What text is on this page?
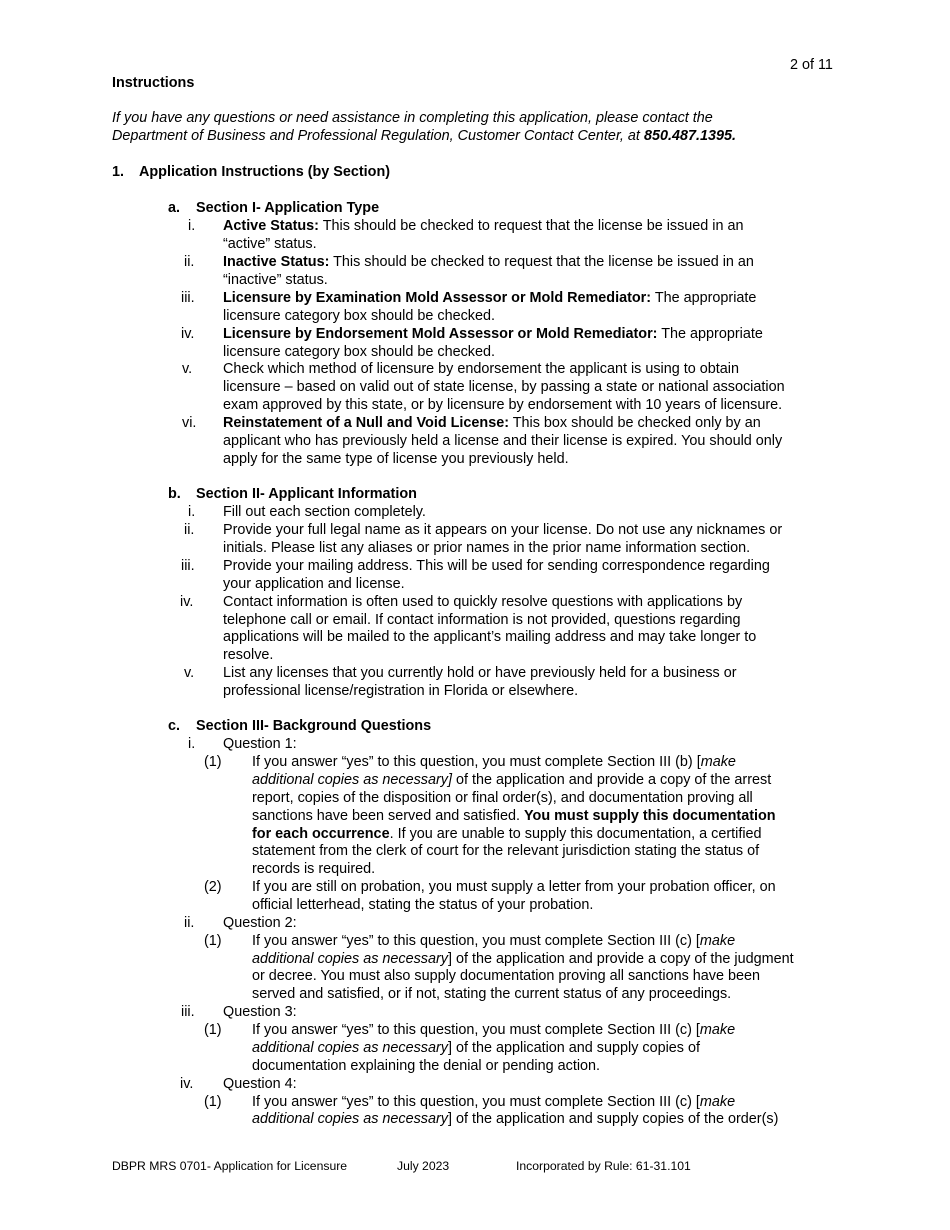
2 of 11
Instructions
If you have any questions or need assistance in completing this application, please contact the
Department of Business and Professional Regulation, Customer Contact Center, at 850.487.1395.
1. Application Instructions (by Section)
a. Section I- Application Type
i. Active Status: This should be checked to request that the license be issued in an
“active” status.
ii. Inactive Status: This should be checked to request that the license be issued in an
“inactive” status.
iii. Licensure by Examination Mold Assessor or Mold Remediator: The appropriate
licensure category box should be checked.
iv. Licensure by Endorsement Mold Assessor or Mold Remediator: The appropriate
licensure category box should be checked.
v. Check which method of licensure by endorsement the applicant is using to obtain
licensure – based on valid out of state license, by passing a state or national association
exam approved by this state, or by licensure by endorsement with 10 years of licensure.
vi. Reinstatement of a Null and Void License: This box should be checked only by an
applicant who has previously held a license and their license is expired. You should only
apply for the same type of license you previously held.
b. Section II- Applicant Information
i. Fill out each section completely.
ii. Provide your full legal name as it appears on your license. Do not use any nicknames or
initials. Please list any aliases or prior names in the prior name information section.
iii. Provide your mailing address. This will be used for sending correspondence regarding
your application and license.
iv. Contact information is often used to quickly resolve questions with applications by
telephone call or email. If contact information is not provided, questions regarding
applications will be mailed to the applicant’s mailing address and may take longer to
resolve.
v. List any licenses that you currently hold or have previously held for a business or
professional license/registration in Florida or elsewhere.
c. Section III- Background Questions
i. Question 1:
(1) If you answer “yes” to this question, you must complete Section III (b) [make
additional copies as necessary] of the application and provide a copy of the arrest
report, copies of the disposition or final order(s), and documentation proving all
sanctions have been served and satisfied. You must supply this documentation
for each occurrence. If you are unable to supply this documentation, a certified
statement from the clerk of court for the relevant jurisdiction stating the status of
records is required.
(2) If you are still on probation, you must supply a letter from your probation officer, on
official letterhead, stating the status of your probation.
ii. Question 2:
(1) If you answer “yes” to this question, you must complete Section III (c) [make
additional copies as necessary] of the application and provide a copy of the judgment
or decree. You must also supply documentation proving all sanctions have been
served and satisfied, or if not, stating the current status of any proceedings.
iii. Question 3:
(1) If you answer “yes” to this question, you must complete Section III (c) [make
additional copies as necessary] of the application and supply copies of
documentation explaining the denial or pending action.
iv. Question 4:
(1) If you answer “yes” to this question, you must complete Section III (c) [make
additional copies as necessary] of the application and supply copies of the order(s)
DBPR MRS 0701- Application for Licensure	July 2023	Incorporated by Rule: 61-31.101
